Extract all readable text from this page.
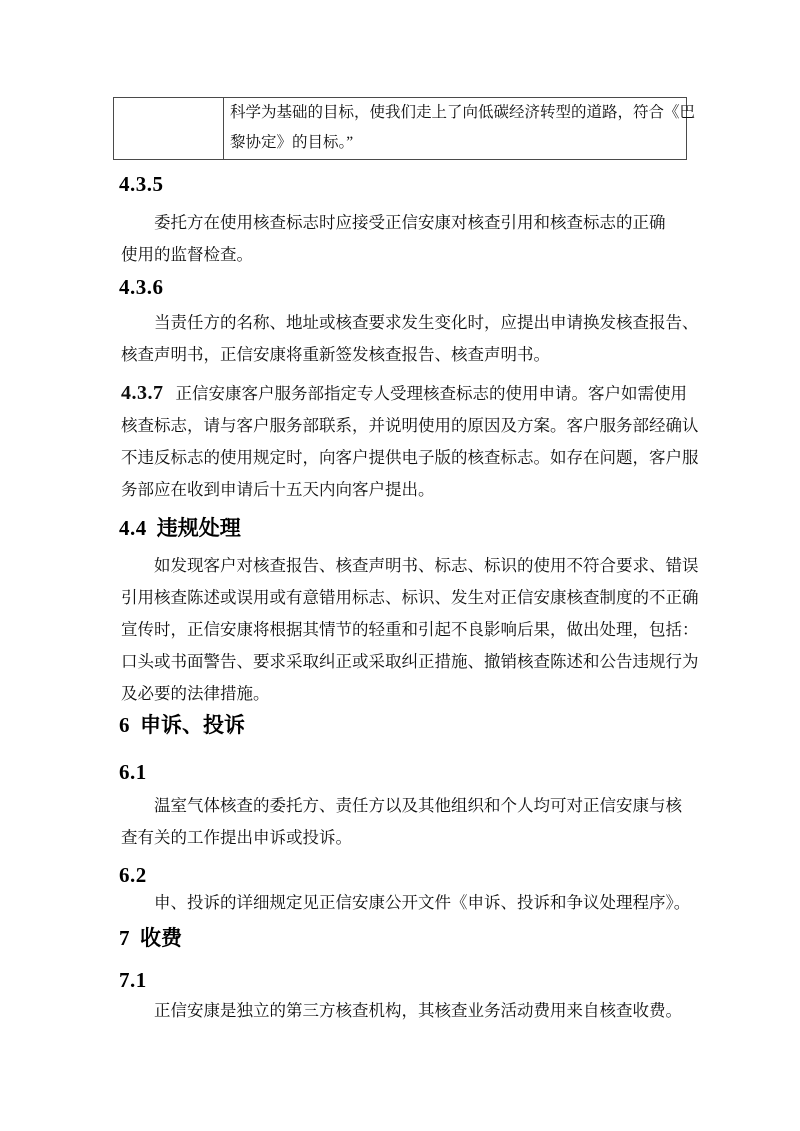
科学为基础的目标，使我们走上了向低碳经济转型的道路，符合《巴
黎协定》的目标。”
4.3.5
委托方在使用核查标志时应接受正信安康对核查引用和核查标志的正确
使用的监督检查。
4.3.6
当责任方的名称、地址或核查要求发生变化时，应提出申请换发核查报告、
核查声明书，正信安康将重新签发核查报告、核查声明书。
4.3.7 正信安康客户服务部指定专人受理核查标志的使用申请。客户如需使用
核查标志，请与客户服务部联系，并说明使用的原因及方案。客户服务部经确认
不违反标志的使用规定时，向客户提供电子版的核查标志。如存在问题，客户服
务部应在收到申请后十五天内向客户提出。
4.4 违规处理
如发现客户对核查报告、核查声明书、标志、标识的使用不符合要求、错误
引用核查陈述或误用或有意错用标志、标识、发生对正信安康核查制度的不正确
宣传时，正信安康将根据其情节的轻重和引起不良影响后果，做出处理，包括：
口头或书面警告、要求采取纠正或采取纠正措施、撤销核查陈述和公告违规行为
及必要的法律措施。
6 申诉、投诉
6.1
温室气体核查的委托方、责任方以及其他组织和个人均可对正信安康与核
查有关的工作提出申诉或投诉。
6.2
申、投诉的详细规定见正信安康公开文件《申诉、投诉和争议处理程序》。
7 收费
7.1
正信安康是独立的第三方核查机构，其核查业务活动费用来自核查收费。
